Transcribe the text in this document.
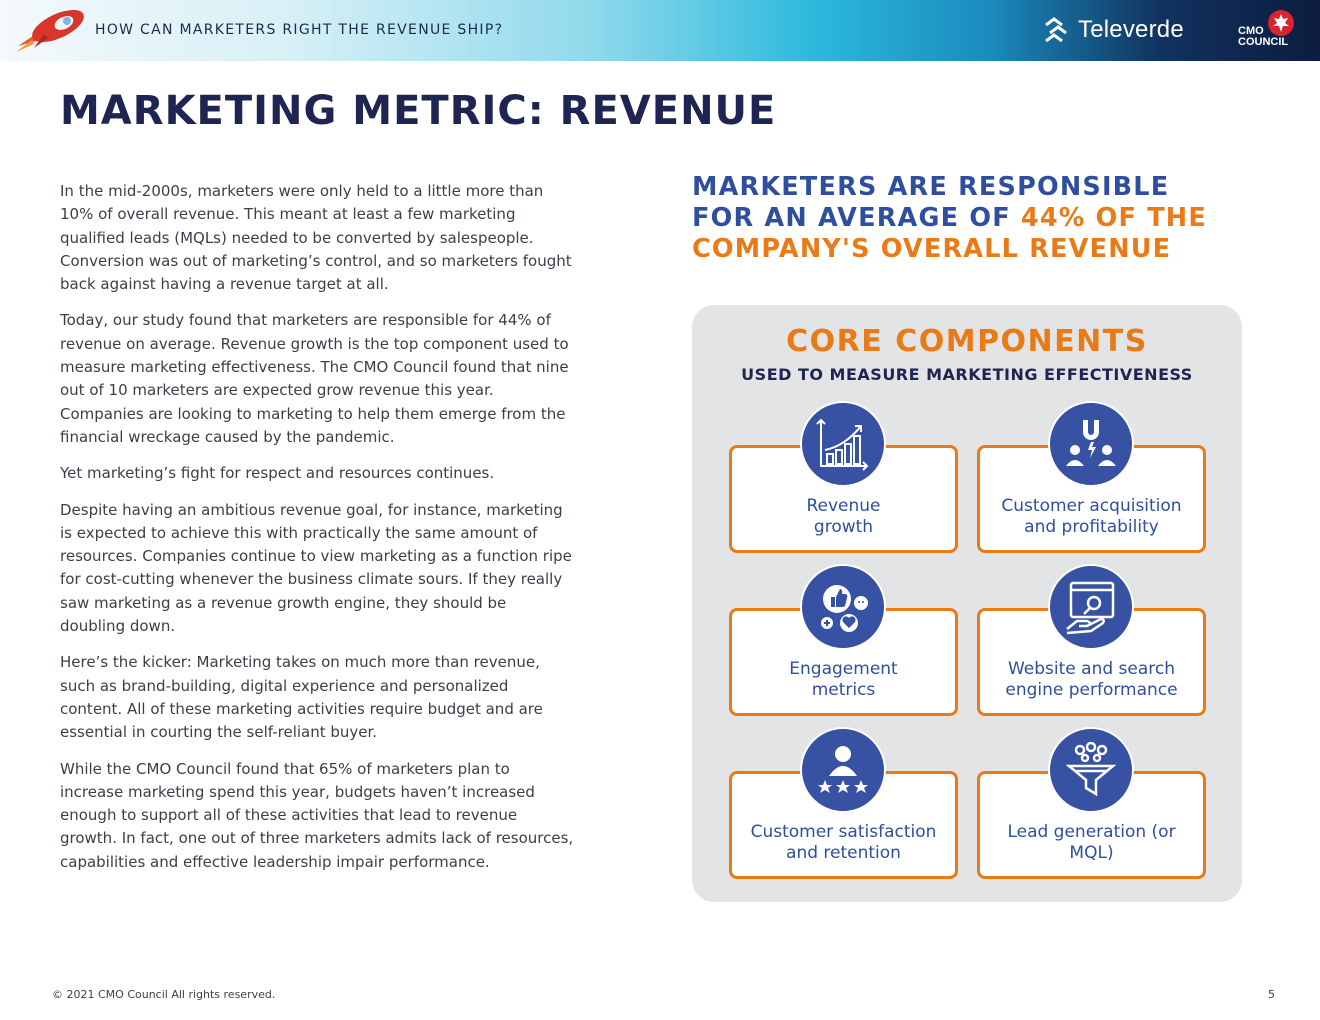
HOW CAN MARKETERS RIGHT THE REVENUE SHIP?	Televerde	CMO
COUNCIL
MARKETING METRIC: REVENUE

In the mid-2000s, marketers were only held to a little more than 10% of overall revenue. This meant at least a few marketing qualified leads (MQLs) needed to be converted by salespeople. Conversion was out of marketing’s control, and so marketers fought back against having a revenue target at all.

Today, our study found that marketers are responsible for 44% of revenue on average. Revenue growth is the top component used to measure marketing effectiveness. The CMO Council found that nine out of 10 marketers are expected grow revenue this year. Companies are looking to marketing to help them emerge from the financial wreckage caused by the pandemic.

Yet marketing’s fight for respect and resources continues.

Despite having an ambitious revenue goal, for instance, marketing is expected to achieve this with practically the same amount of resources. Companies continue to view marketing as a function ripe for cost-cutting whenever the business climate sours. If they really saw marketing as a revenue growth engine, they should be doubling down.

Here’s the kicker: Marketing takes on much more than revenue, such as brand-building, digital experience and personalized content. All of these marketing activities require budget and are essential in courting the self-reliant buyer.

While the CMO Council found that 65% of marketers plan to increase marketing spend this year, budgets haven’t increased enough to support all of these activities that lead to revenue growth. In fact, one out of three marketers admits lack of resources, capabilities and effective leadership impair performance.

MARKETERS ARE RESPONSIBLE
FOR AN AVERAGE OF 44% OF THE
COMPANY'S OVERALL REVENUE
CORE COMPONENTS
USED TO MEASURE MARKETING EFFECTIVENESS
Revenue
growth
Customer acquisition
and profitability
Engagement
metrics
Website and search
engine performance
Customer satisfaction
and retention
Lead generation (or
MQL)
© 2021 CMO Council All rights reserved.	5
